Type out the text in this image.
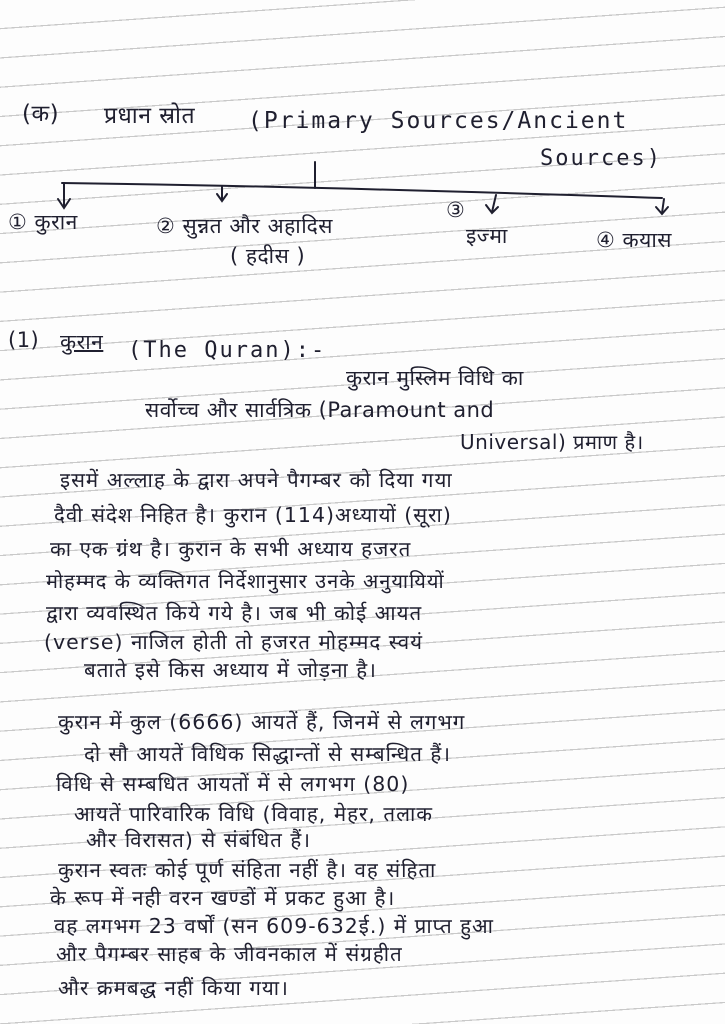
(क) प्रधान स्रोत (Primary Sources/Ancient
Sources)
① कुरान	② सुन्नत और अहादिस
( हदीस )
③
इज्मा	④ कयास
(1) कुरान (The Quran):-
कुरान मुस्लिम विधि का
सर्वोच्च और सार्वत्रिक (Paramount and
Universal) प्रमाण है।
इसमें अल्लाह के द्वारा अपने पैगम्बर को दिया गया
दैवी संदेश निहित है। कुरान (114)अध्यायों (सूरा)
का एक ग्रंथ है। कुरान के सभी अध्याय हजरत
मोहम्मद के व्यक्तिगत निर्देशानुसार उनके अनुयायियों
द्वारा व्यवस्थित किये गये है। जब भी कोई आयत
(verse) नाजिल होती तो हजरत मोहम्मद स्वयं
बताते इसे किस अध्याय में जोड़ना है।
कुरान में कुल (6666) आयतें हैं, जिनमें से लगभग
दो सौ आयतें विधिक सिद्धान्तों से सम्बन्धित हैं।
विधि से सम्बधित आयतों में से लगभग (80)
आयतें पारिवारिक विधि (विवाह, मेहर, तलाक
और विरासत) से संबंधित हैं।
कुरान स्वतः कोई पूर्ण संहिता नहीं है। वह संहिता
के रूप में नही वरन खण्डों में प्रकट हुआ है।
वह लगभग 23 वर्षों (सन 609-632ई.) में प्राप्त हुआ
और पैगम्बर साहब के जीवनकाल में संग्रहीत
और क्रमबद्ध नहीं किया गया।
